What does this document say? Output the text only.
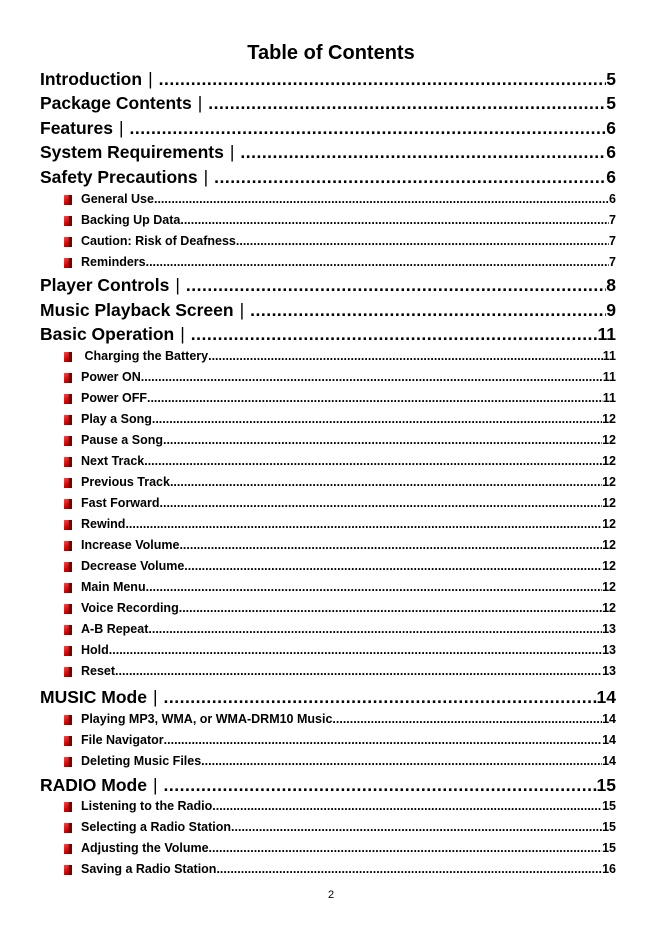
Table of Contents
Introduction | .....	5
Package Contents | .....	5
Features | .....	6
System Requirements | .....	6
Safety Precautions | .....	6
General Use .....	6
Backing Up Data .....	7
Caution: Risk of Deafness .....	7
Reminders .....	7
Player Controls | .....	8
Music Playback Screen | .....	9
Basic Operation | .....	11
Charging the Battery .....	11
Power ON .....	11
Power OFF .....	11
Play a Song .....	12
Pause a Song .....	12
Next Track .....	12
Previous Track .....	12
Fast Forward .....	12
Rewind .....	12
Increase Volume .....	12
Decrease Volume .....	12
Main Menu .....	12
Voice Recording .....	12
A-B Repeat .....	13
Hold .....	13
Reset .....	13
MUSIC Mode | .....	14
Playing MP3, WMA, or WMA-DRM10 Music .....	14
File Navigator .....	14
Deleting Music Files .....	14
RADIO Mode | .....	15
Listening to the Radio .....	15
Selecting a Radio Station .....	15
Adjusting the Volume .....	15
Saving a Radio Station .....	16
2
